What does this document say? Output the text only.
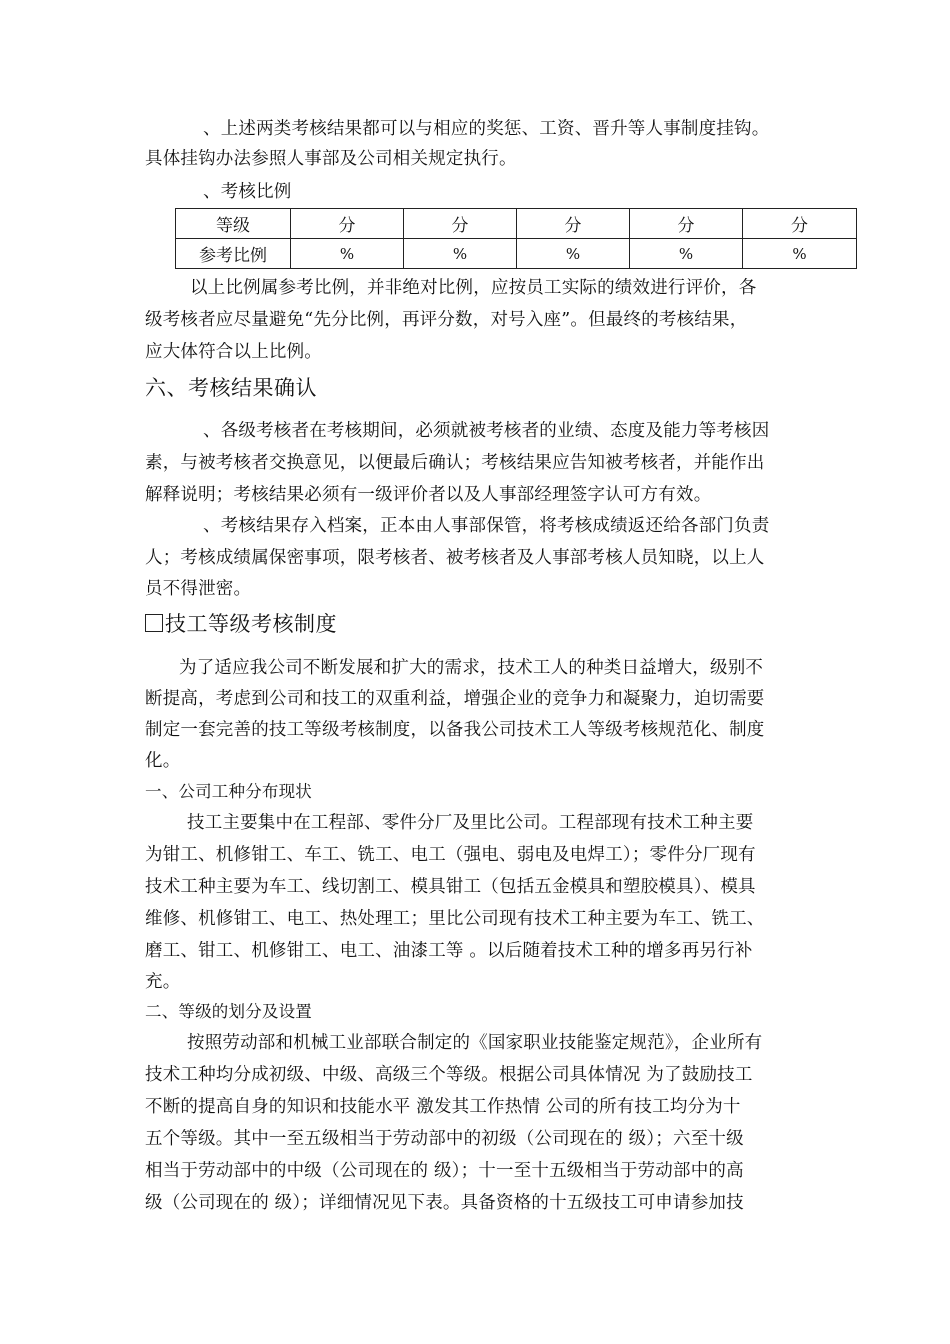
、上述两类考核结果都可以与相应的奖惩、工资、晋升等人事制度挂钩。
具体挂钩办法参照人事部及公司相关规定执行。
、考核比例
等级	分	分	分	分	分
参考比例	%	%	%	%	%
以上比例属参考比例，并非绝对比例，应按员工实际的绩效进行评价，各
级考核者应尽量避免“先分比例，再评分数，对号入座”。但最终的考核结果，
应大体符合以上比例。
六、考核结果确认
、各级考核者在考核期间，必须就被考核者的业绩、态度及能力等考核因
素，与被考核者交换意见，以便最后确认；考核结果应告知被考核者，并能作出
解释说明；考核结果必须有一级评价者以及人事部经理签字认可方有效。
、考核结果存入档案，正本由人事部保管，将考核成绩返还给各部门负责
人；考核成绩属保密事项，限考核者、被考核者及人事部考核人员知晓，以上人
员不得泄密。
技工等级考核制度
为了适应我公司不断发展和扩大的需求，技术工人的种类日益增大，级别不
断提高，考虑到公司和技工的双重利益，增强企业的竞争力和凝聚力，迫切需要
制定一套完善的技工等级考核制度，以备我公司技术工人等级考核规范化、制度
化。
一、公司工种分布现状
技工主要集中在工程部、零件分厂及里比公司。工程部现有技术工种主要
为钳工、机修钳工、车工、铣工、电工（强电、弱电及电焊工）；零件分厂现有
技术工种主要为车工、线切割工、模具钳工（包括五金模具和塑胶模具）、模具
维修、机修钳工、电工、热处理工；里比公司现有技术工种主要为车工、铣工、
磨工、钳工、机修钳工、电工、油漆工等 。以后随着技术工种的增多再另行补
充。
二、等级的划分及设置
按照劳动部和机械工业部联合制定的《国家职业技能鉴定规范》，企业所有
技术工种均分成初级、中级、高级三个等级。根据公司具体情况 为了鼓励技工
不断的提高自身的知识和技能水平 激发其工作热情 公司的所有技工均分为十
五个等级。其中一至五级相当于劳动部中的初级（公司现在的 级）；六至十级
相当于劳动部中的中级（公司现在的 级）；十一至十五级相当于劳动部中的高
级（公司现在的 级）；详细情况见下表。具备资格的十五级技工可申请参加技
